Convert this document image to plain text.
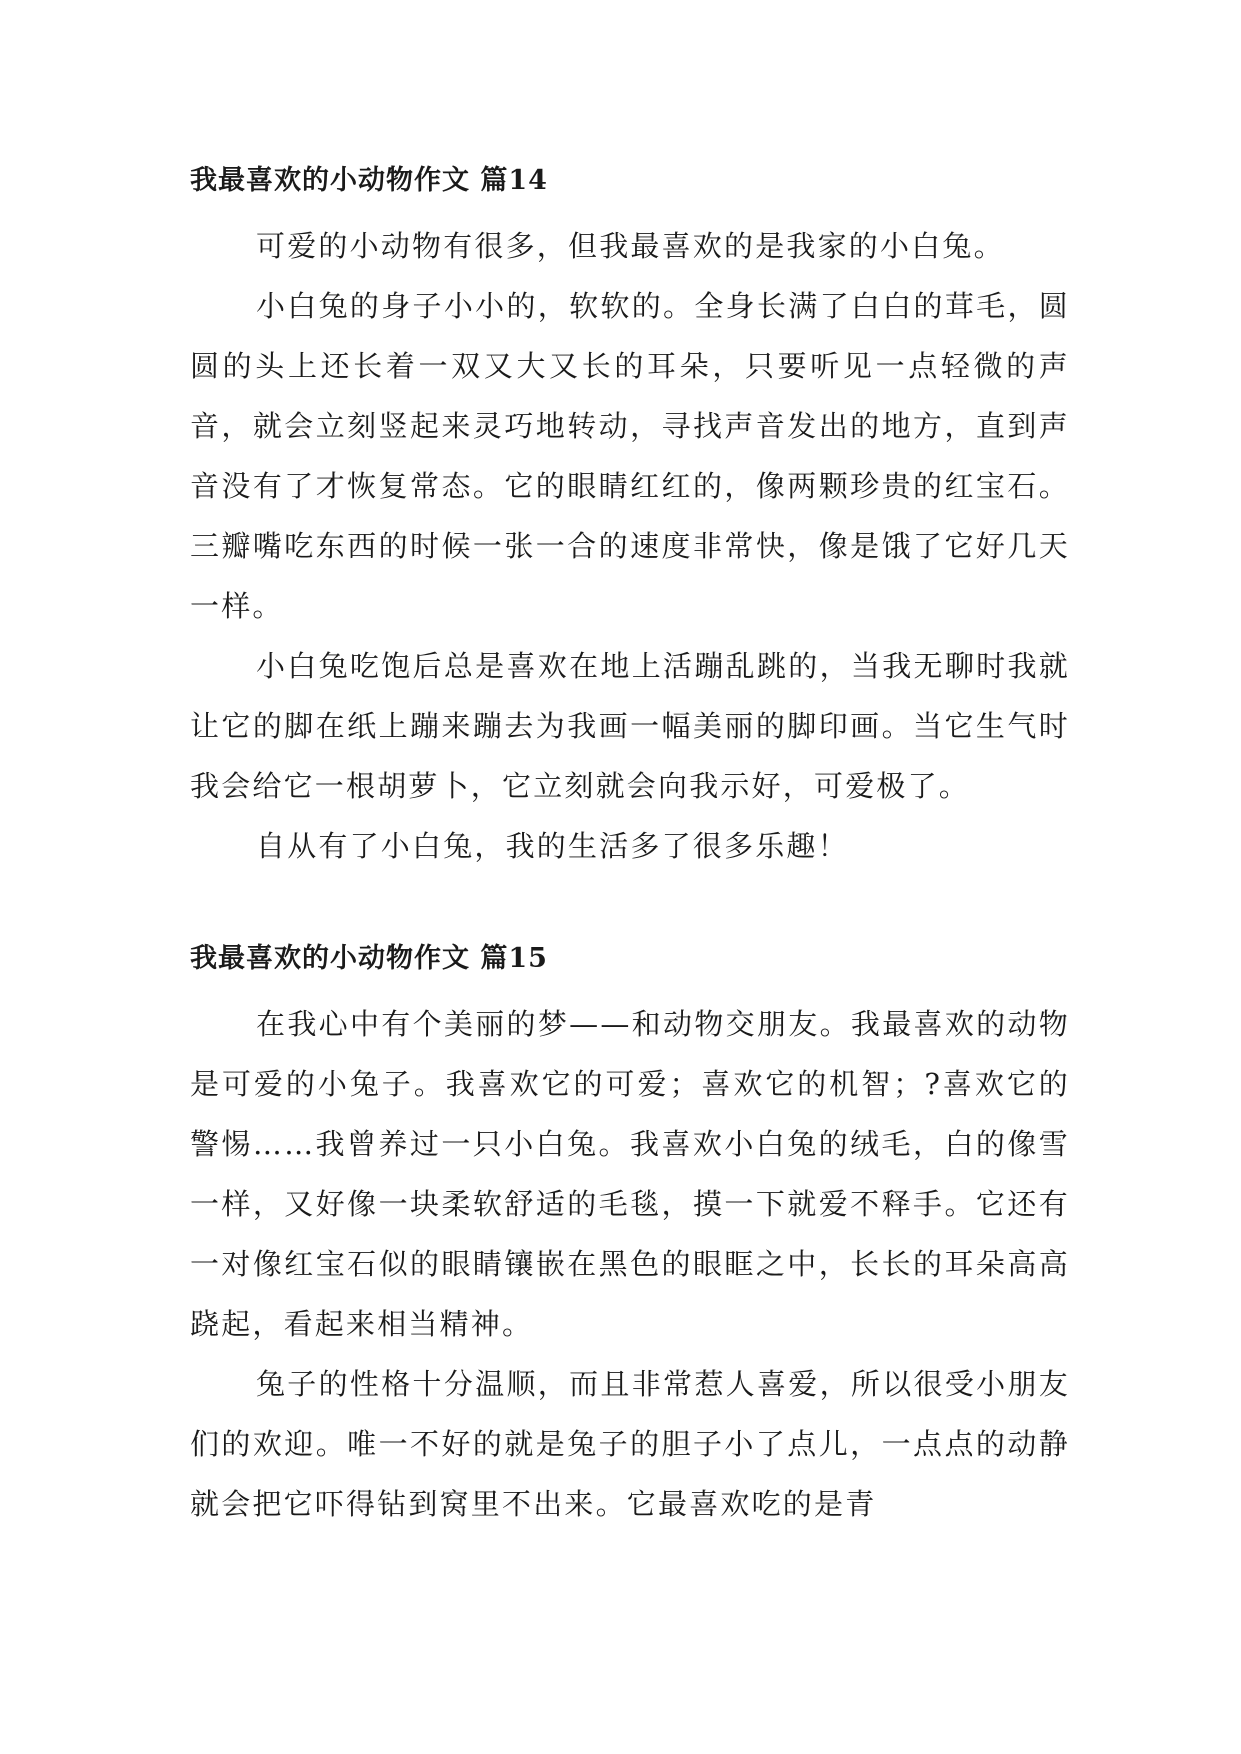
我最喜欢的小动物作文 篇14

可爱的小动物有很多，但我最喜欢的是我家的小白兔。

小白兔的身子小小的，软软的。全身长满了白白的茸毛，圆圆的头上还长着一双又大又长的耳朵，只要听见一点轻微的声音，就会立刻竖起来灵巧地转动，寻找声音发出的地方，直到声音没有了才恢复常态。它的眼睛红红的，像两颗珍贵的红宝石。三瓣嘴吃东西的时候一张一合的速度非常快，像是饿了它好几天一样。

小白兔吃饱后总是喜欢在地上活蹦乱跳的，当我无聊时我就让它的脚在纸上蹦来蹦去为我画一幅美丽的脚印画。当它生气时我会给它一根胡萝卜，它立刻就会向我示好，可爱极了。

自从有了小白兔，我的生活多了很多乐趣！

我最喜欢的小动物作文 篇15

在我心中有个美丽的梦——和动物交朋友。我最喜欢的动物是可爱的小兔子。我喜欢它的可爱；喜欢它的机智；?喜欢它的警惕……我曾养过一只小白兔。我喜欢小白兔的绒毛，白的像雪一样，又好像一块柔软舒适的毛毯，摸一下就爱不释手。它还有一对像红宝石似的眼睛镶嵌在黑色的眼眶之中，长长的耳朵高高跷起，看起来相当精神。

兔子的性格十分温顺，而且非常惹人喜爱，所以很受小朋友们的欢迎。唯一不好的就是兔子的胆子小了点儿，一点点的动静就会把它吓得钻到窝里不出来。它最喜欢吃的是青
